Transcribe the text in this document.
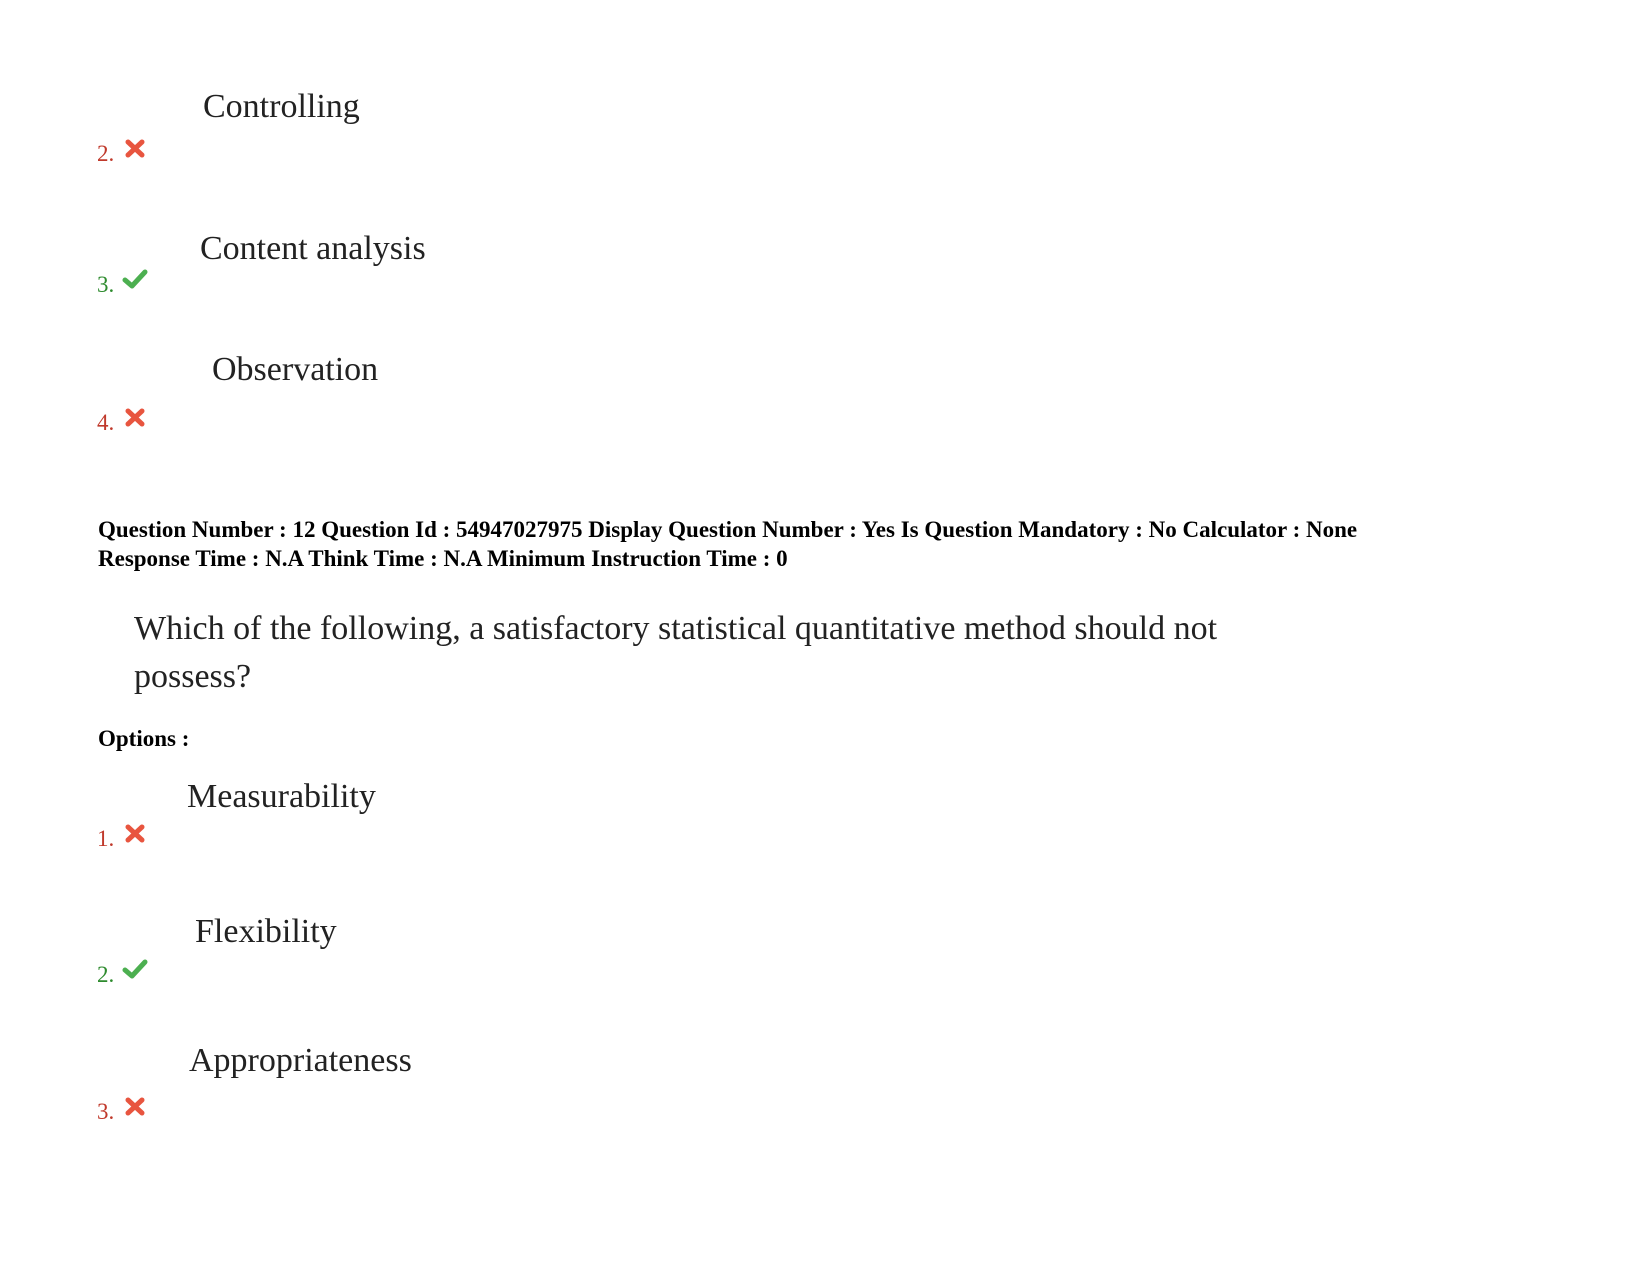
Controlling
2.
Content analysis
3.
Observation
4.
Question Number : 12 Question Id : 54947027975 Display Question Number : Yes Is Question Mandatory : No Calculator : None
Response Time : N.A Think Time : N.A Minimum Instruction Time : 0
Which of the following, a satisfactory statistical quantitative method should not
possess?
Options :
Measurability
1.
Flexibility
2.
Appropriateness
3.
